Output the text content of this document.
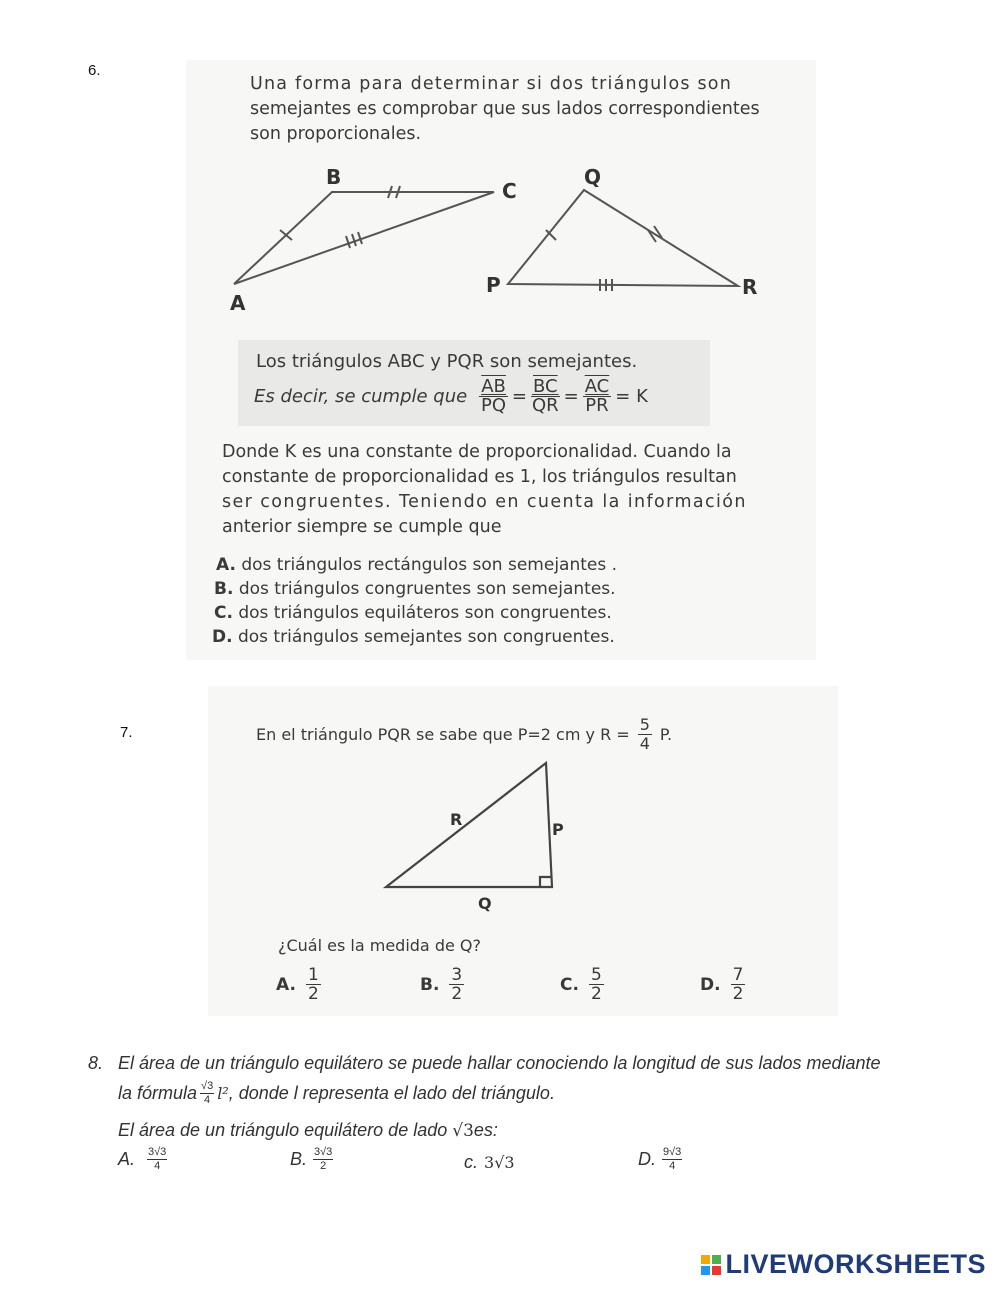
6.
Una forma para determinar si dos triángulos son
semejantes es comprobar que sus lados correspondientes
son proporcionales.
B
C
A
Q
P	R
Los triángulos ABC y PQR son semejantes.
Es decir, se cumple que $\frac{\overline{AB}}{PQ} = \frac{\overline{BC}}{QR} = \frac{\overline{AC}}{PR} = K$
Donde K es una constante de proporcionalidad. Cuando la
constante de proporcionalidad es 1, los triángulos resultan
ser congruentes. Teniendo en cuenta la información
anterior siempre se cumple que
A. dos triángulos rectángulos son semejantes .
B. dos triángulos congruentes son semejantes.
C. dos triángulos equiláteros son congruentes.
D. dos triángulos semejantes son congruentes.
7.	En el triángulo PQR se sabe que P=2 cm y $R = \frac{5}{4} P$.
R
P
Q
¿Cuál es la medida de Q?
A. $\frac{1}{2}$	B. $\frac{3}{2}$	C. $\frac{5}{2}$	D. $\frac{7}{2}$
8. El área de un triángulo equilátero se puede hallar conociendo la longitud de sus lados mediante
la fórmula $\frac{√3}{4} l^2$ , donde l representa el lado del triángulo.
El área de un triángulo equilátero de lado √3es:
A. $\frac{3√3}{4}$	B. $\frac{3√3}{2}$	c. 3√3	D. $\frac{9√3}{4}$
LIVEWORKSHEETS
